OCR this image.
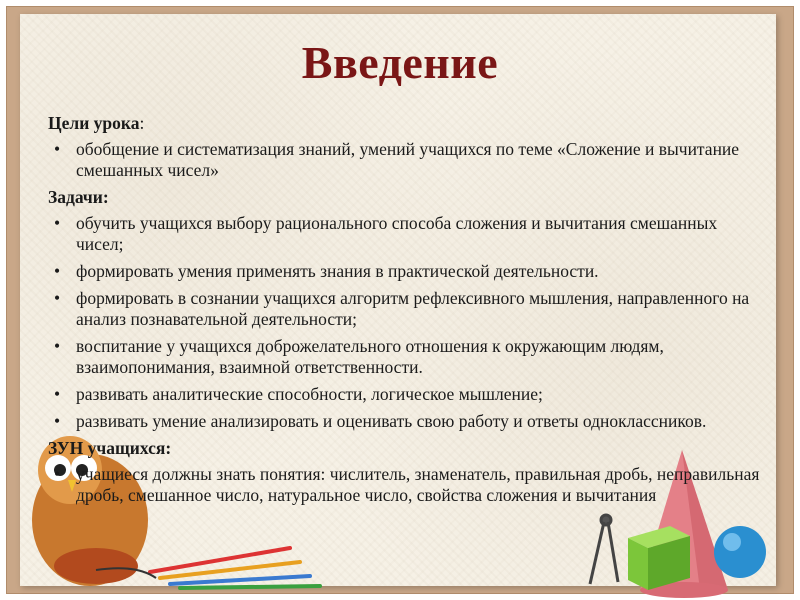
Введение
Цели урока:
• обобщение и систематизация знаний, умений учащихся по теме «Сложение и вычитание смешанных чисел»
Задачи:
• обучить учащихся выбору рационального способа сложения и вычитания смешанных чисел;
• формировать умения применять знания в практической деятельности.
• формировать в сознании учащихся алгоритм рефлексивного мышления, направленного на анализ познавательной деятельности;
• воспитание у учащихся доброжелательного отношения к окружающим людям, взаимопонимания, взаимной ответственности.
• развивать аналитические способности, логическое мышление;
• развивать умение анализировать и оценивать свою работу и ответы одноклассников.
ЗУН учащихся:
• учащиеся должны знать понятия: числитель, знаменатель, правильная дробь, неправильная дробь, смешанное число, натуральное число, свойства сложения и вычитания
